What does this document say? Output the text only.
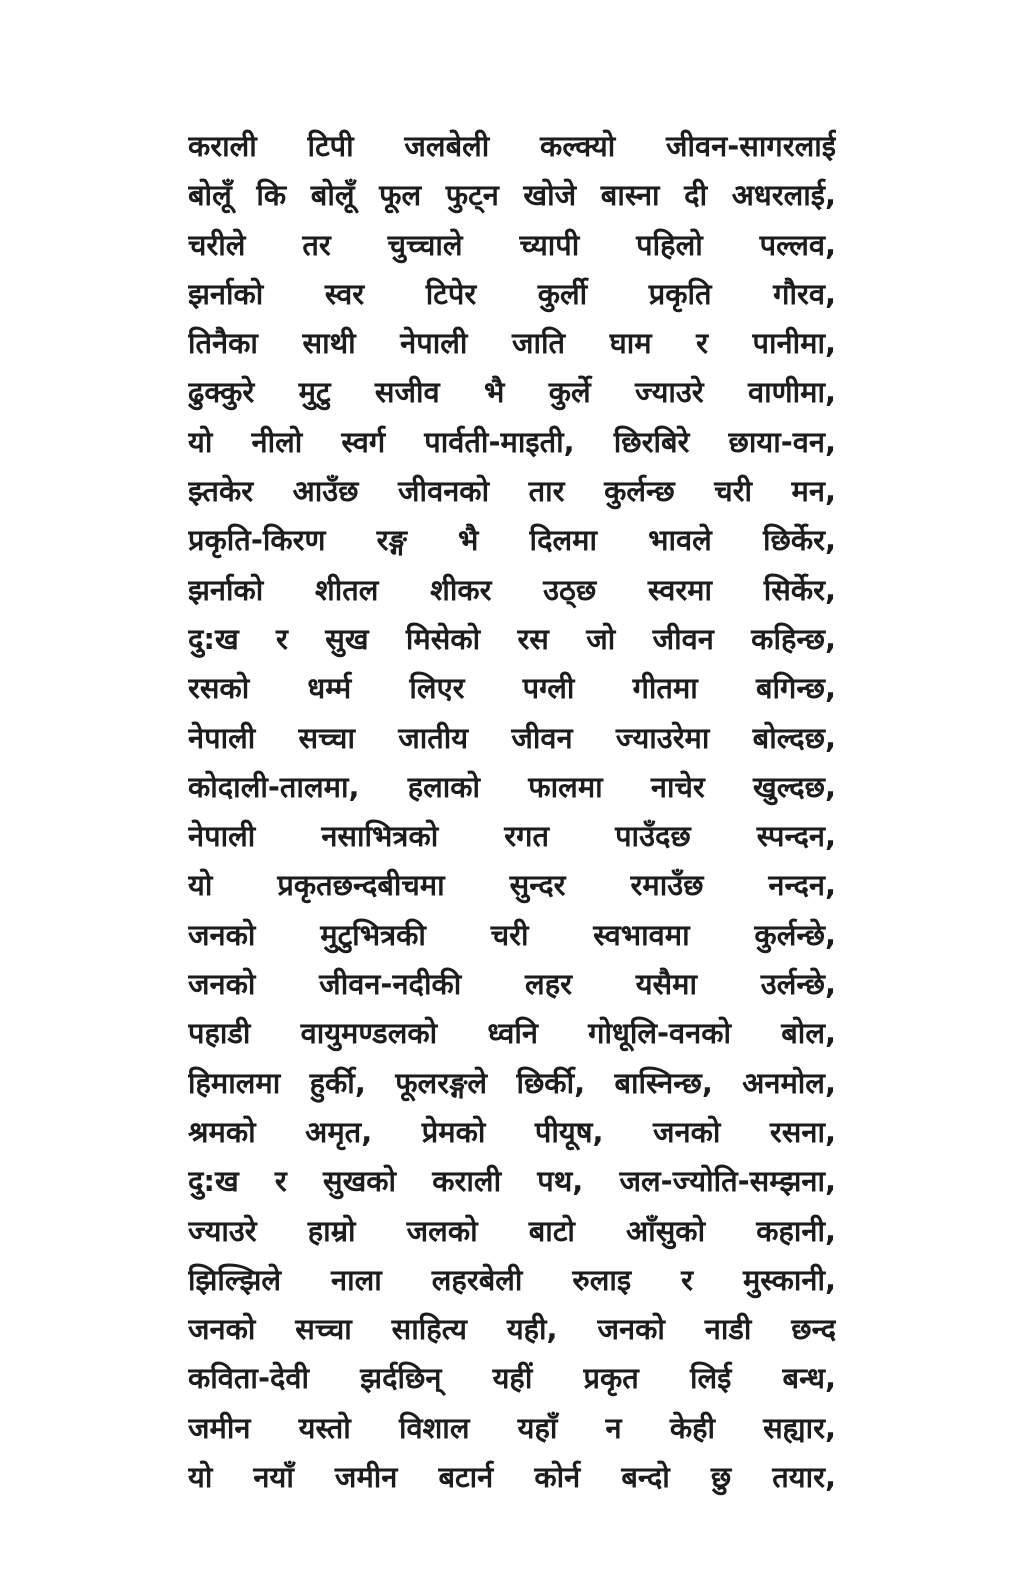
कराली टिपी जलबेली कल्क्यो जीवन-सागरलाई
बोलूँ कि बोलूँ फूल फुट्न खोजे बास्ना दी अधरलाई,
चरीले तर चुच्चाले च्यापी पहिलो पल्लव,
झर्नाको स्वर टिपेर कुर्ली प्रकृति गौरव,
तिनैका साथी नेपाली जाति घाम र पानीमा,
ढुक्कुरे मुटु सजीव भै कुर्ले ज्याउरे वाणीमा,
यो नीलो स्वर्ग पार्वती-माइती, छिरबिरे छाया-वन,
झ्तकेर आउँछ जीवनको तार कुर्लन्छ चरी मन,
प्रकृति-किरण रङ्ग भै दिलमा भावले छिर्केर,
झर्नाको शीतल शीकर उठ्छ स्वरमा सिर्केर,
दु:ख र सुख मिसेको रस जो जीवन कहिन्छ,
रसको धर्म्म लिएर पग्ली गीतमा बगिन्छ,
नेपाली सच्चा जातीय जीवन ज्याउरेमा बोल्दछ,
कोदाली-तालमा, हलाको फालमा नाचेर खुल्दछ,
नेपाली नसाभित्रको रगत पाउँदछ स्पन्दन,
यो प्रकृतछन्दबीचमा सुन्दर रमाउँछ नन्दन,
जनको मुटुभित्रकी चरी स्वभावमा कुर्लन्छे,
जनको जीवन-नदीकी लहर यसैमा उर्लन्छे,
पहाडी वायुमण्डलको ध्वनि गोधूलि-वनको बोल,
हिमालमा हुर्की, फूलरङ्गले छिर्की, बास्निन्छ, अनमोल,
श्रमको अमृत, प्रेमको पीयूष, जनको रसना,
दु:ख र सुखको कराली पथ, जल-ज्योति-सम्झना,
ज्याउरे हाम्रो जलको बाटो आँसुको कहानी,
झिल्झिले नाला लहरबेली रुलाइ र मुस्कानी,
जनको सच्चा साहित्य यही, जनको नाडी छन्द
कविता-देवी झर्दछिन् यहीं प्रकृत लिई बन्ध,
जमीन यस्तो विशाल यहाँ न केही सह्यार,
यो नयाँ जमीन बटार्न कोर्न बन्दो छु तयार,
